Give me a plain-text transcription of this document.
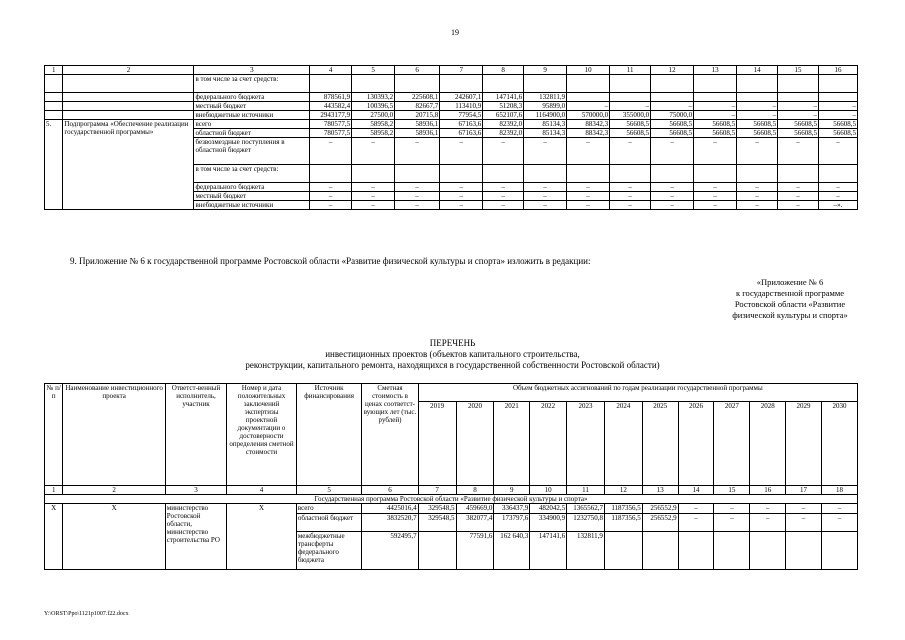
19
1	2	3	4	5	6	7	8	9	10	11	12	13	14	15	16
		в том числе за счет средств:													
		федерального бюджета	878561,9	130393,2	225608,1	242607,1	147141,6	132811,9							
		местный бюджет	443582,4	100396,5	82667,7	113410,9	51208,3	95899,0	–	–	–	–	–	–	–
		внебюджетные источники	2943177,9	27500,0	20715,8	77954,5	652107,6	1164900,0	570000,0	355000,0	75000,0	–	–	–	–
5.	Подпрограмма «Обеспечение реализации государственной программы»	всего	780577,5	58958,2	58936,1	67163,6	82392,0	85134,3	88342,3	56608,5	56608,5	56608,5	56608,5	56608,5	56608,5
		областной бюджет	780577,5	58958,2	58936,1	67163,6	82392,0	85134,3	88342,3	56608,5	56608,5	56608,5	56608,5	56608,5	56608,5
		безвозмездные поступления в областной бюджет	–	–	–	–	–	–	–	–	–	–	–	–	–
		в том числе за счет средств:													
		федерального бюджета	–	–	–	–	–	–	–	–	–	–	–	–	–
		местный бюджет	–	–	–	–	–	–	–	–	–	–	–	–	–
		внебюджетные источники	–	–	–	–	–	–	–	–	–	–	–	–	–».
9. Приложение № 6 к государственной программе Ростовской области «Развитие физической культуры и спорта» изложить в редакции:
«Приложение № 6
к государственной программе
Ростовской области «Развитие
физической культуры и спорта»
ПЕРЕЧЕНЬ
инвестиционных проектов (объектов капитального строительства,
реконструкции, капитального ремонта, находящихся в государственной собственности Ростовской области)
№ п/п	Наименование инвестиционного проекта	Ответст-венный исполнитель, участник	Номер и дата положительных заключений экспертизы проектной документации о достоверности определения сметной стоимости	Источник финансирования	Сметная стоимость в ценах соответст-вующих лет (тыс. рублей)	Объем бюджетных ассигнований по годам реализации государственной программы											
						2019	2020	2021	2022	2023	2024	2025	2026	2027	2028	2029	2030
1	2	3	4	5	6	7	8	9	10	11	12	13	14	15	16	17	18
Государственная программа Ростовской области «Развитие физической культуры и спорта»																	
X	X	министерство Ростовской области, министерство строительства РО	X	всего	4425016,4	329548,5	459669,0	336437,9	482042,5	1365562,7	1187356,5	256552,9	–	–	–	–	–
				областной бюджет	3832520,7	329548,5	382077,4	173797,6	334900,9	1232750,8	1187356,5	256552,9	–	–	–	–	–
				межбюджетные трансферты федерального бюджета	592495,7		77591,6	162 640,3	147141,6	132811,9							
Y:\ORST\Ppo\1121p1007.f22.docx
